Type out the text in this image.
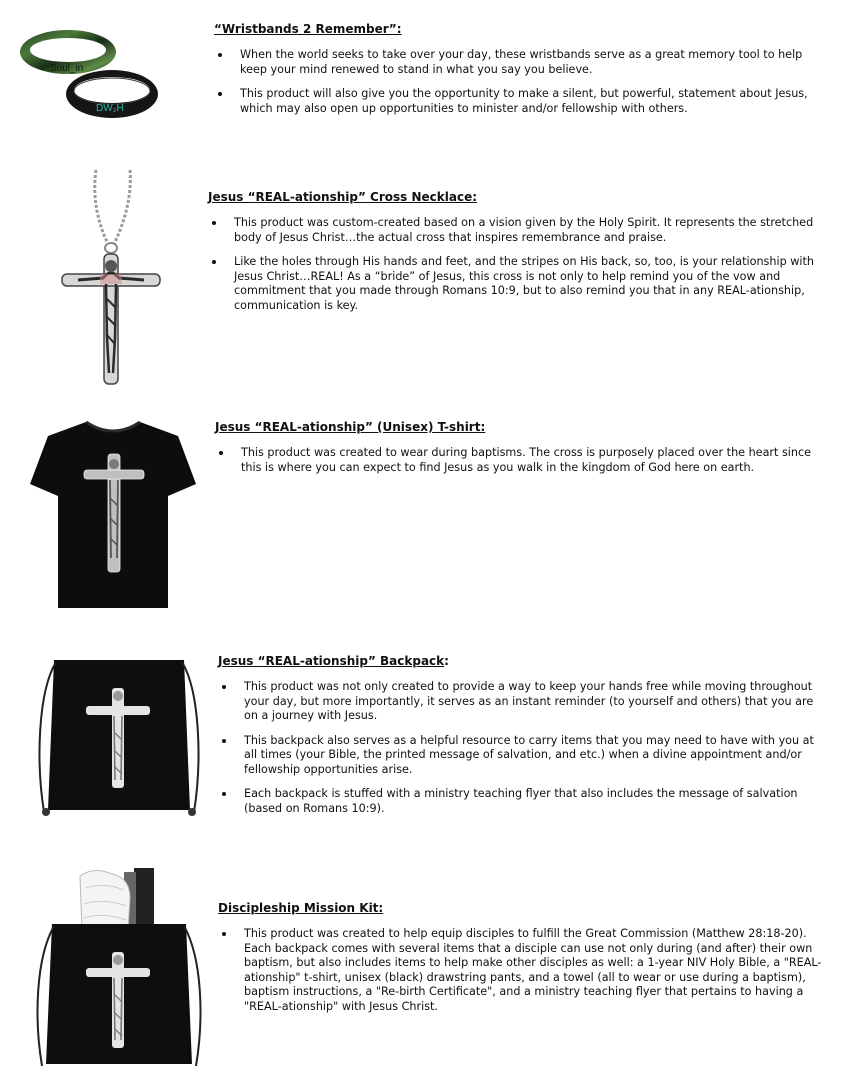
Soul_in
DW₂H
“Wristbands 2 Remember”:
When the world seeks to take over your day, these wristbands serve as a great memory tool to help keep your mind renewed to stand in what you say you believe.
This product will also give you the opportunity to make a silent, but powerful, statement about Jesus, which may also open up opportunities to minister and/or fellowship with others.
Jesus “REAL-ationship” Cross Necklace:
This product was custom-created based on a vision given by the Holy Spirit. It represents the stretched body of Jesus Christ…the actual cross that inspires remembrance and praise.
Like the holes through His hands and feet, and the stripes on His back, so, too, is your relationship with Jesus Christ…REAL! As a “bride” of Jesus, this cross is not only to help remind you of the vow and commitment that you made through Romans 10:9, but to also remind you that in any REAL-ationship, communication is key.
Jesus “REAL-ationship” (Unisex) T-shirt:
This product was created to wear during baptisms. The cross is purposely placed over the heart since this is where you can expect to find Jesus as you walk in the kingdom of God here on earth.
Jesus “REAL-ationship” Backpack:
This product was not only created to provide a way to keep your hands free while moving throughout your day, but more importantly, it serves as an instant reminder (to yourself and others) that you are on a journey with Jesus.
This backpack also serves as a helpful resource to carry items that you may need to have with you at all times (your Bible, the printed message of salvation, and etc.) when a divine appointment and/or fellowship opportunities arise.
Each backpack is stuffed with a ministry teaching flyer that also includes the message of salvation (based on Romans 10:9).
Discipleship Mission Kit:
This product was created to help equip disciples to fulfill the Great Commission (Matthew 28:18-20). Each backpack comes with several items that a disciple can use not only during (and after) their own baptism, but also includes items to help make other disciples as well: a 1-year NIV Holy Bible, a "REAL-ationship" t-shirt, unisex (black) drawstring pants, and a towel (all to wear or use during a baptism), baptism instructions, a "Re-birth Certificate", and a ministry teaching flyer that pertains to having a "REAL-ationship" with Jesus Christ.
